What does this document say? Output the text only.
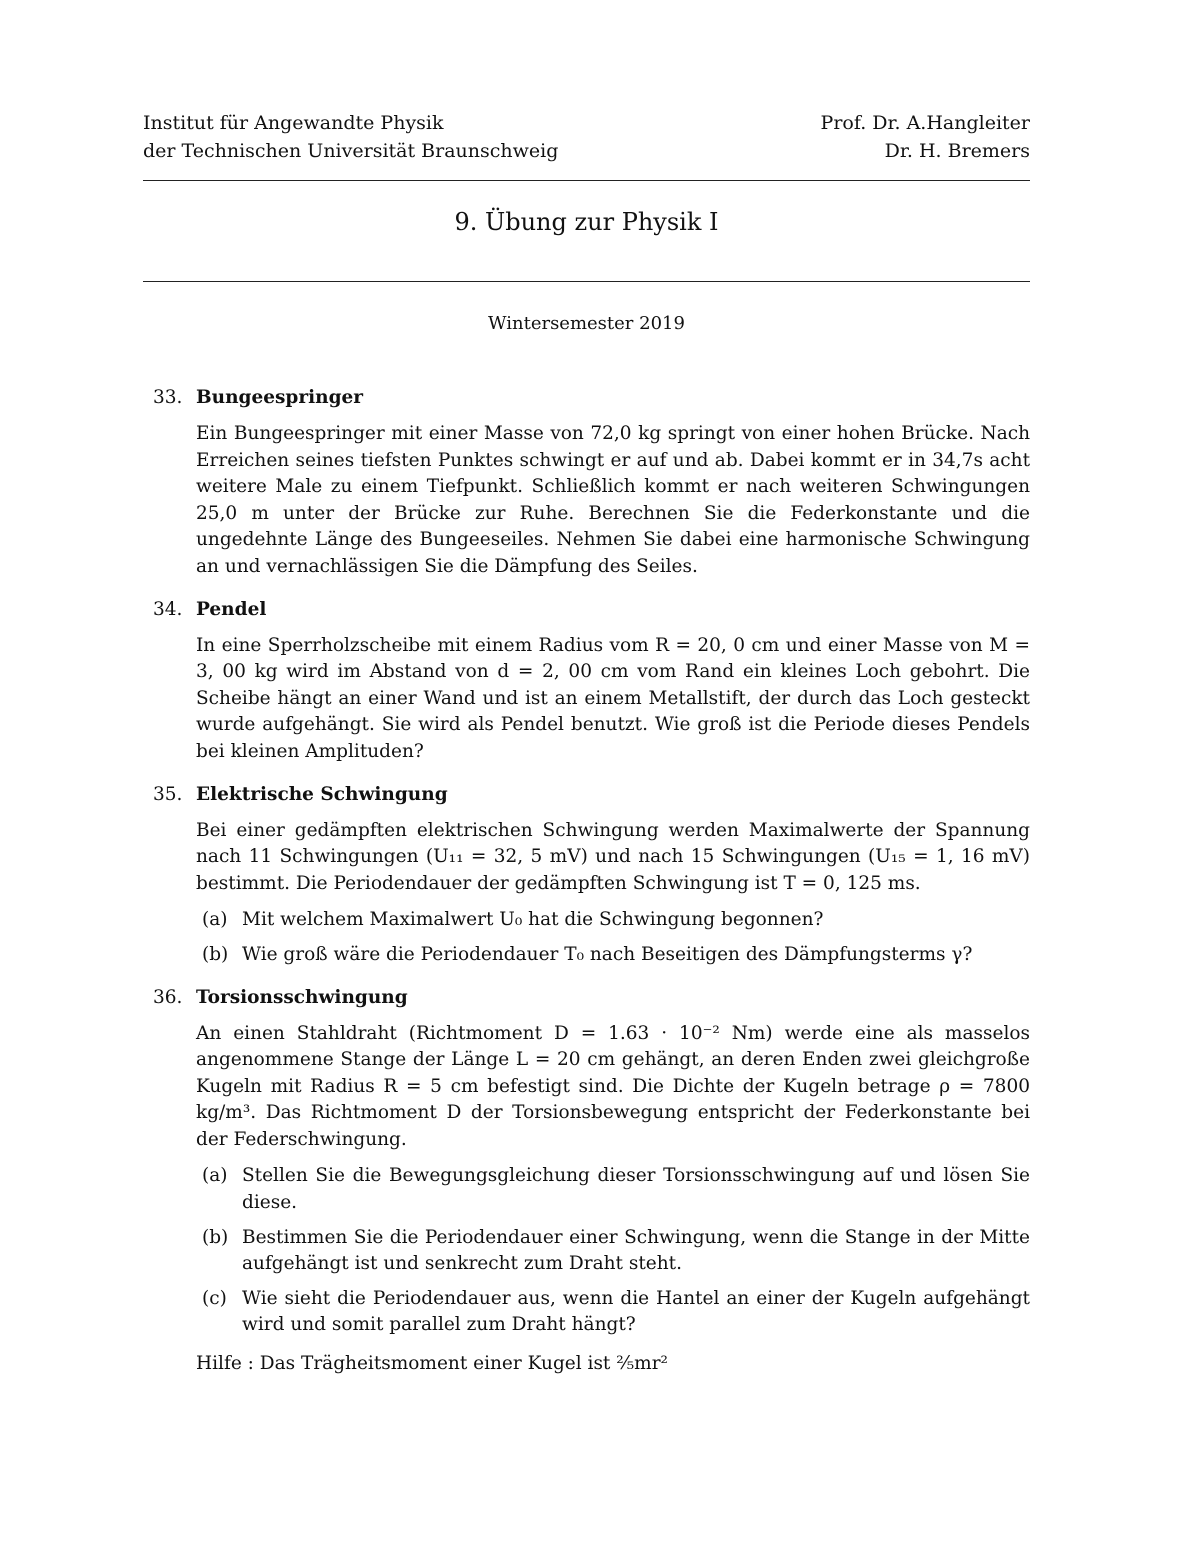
Institut für Angewandte Physik
der Technischen Universität Braunschweig
Prof. Dr. A.Hangleiter
Dr. H. Bremers
9. Übung zur Physik I
Wintersemester 2019
33. Bungeespringer
Ein Bungeespringer mit einer Masse von 72,0 kg springt von einer hohen Brücke. Nach Erreichen seines tiefsten Punktes schwingt er auf und ab. Dabei kommt er in 34,7s acht weitere Male zu einem Tiefpunkt. Schließlich kommt er nach weiteren Schwingungen 25,0 m unter der Brücke zur Ruhe. Berechnen Sie die Federkonstante und die ungedehnte Länge des Bungeeseiles. Nehmen Sie dabei eine harmonische Schwingung an und vernachlässigen Sie die Dämpfung des Seiles.
34. Pendel
In eine Sperrholzscheibe mit einem Radius vom R = 20, 0 cm und einer Masse von M = 3, 00 kg wird im Abstand von d = 2, 00 cm vom Rand ein kleines Loch gebohrt. Die Scheibe hängt an einer Wand und ist an einem Metallstift, der durch das Loch gesteckt wurde aufgehängt. Sie wird als Pendel benutzt. Wie groß ist die Periode dieses Pendels bei kleinen Amplituden?
35. Elektrische Schwingung
Bei einer gedämpften elektrischen Schwingung werden Maximalwerte der Spannung nach 11 Schwingungen (U₁₁ = 32, 5 mV) und nach 15 Schwingungen (U₁₅ = 1, 16 mV) bestimmt. Die Periodendauer der gedämpften Schwingung ist T = 0, 125 ms.
(a) Mit welchem Maximalwert U₀ hat die Schwingung begonnen?
(b) Wie groß wäre die Periodendauer T₀ nach Beseitigen des Dämpfungsterms γ?
36. Torsionsschwingung
An einen Stahldraht (Richtmoment D = 1.63 · 10⁻² Nm) werde eine als masselos angenommene Stange der Länge L = 20 cm gehängt, an deren Enden zwei gleichgroße Kugeln mit Radius R = 5 cm befestigt sind. Die Dichte der Kugeln betrage ρ = 7800 kg/m³. Das Richtmoment D der Torsionsbewegung entspricht der Federkonstante bei der Federschwingung.
(a) Stellen Sie die Bewegungsgleichung dieser Torsionsschwingung auf und lösen Sie diese.
(b) Bestimmen Sie die Periodendauer einer Schwingung, wenn die Stange in der Mitte aufgehängt ist und senkrecht zum Draht steht.
(c) Wie sieht die Periodendauer aus, wenn die Hantel an einer der Kugeln aufgehängt wird und somit parallel zum Draht hängt?
Hilfe : Das Trägheitsmoment einer Kugel ist ²⁄₅mr²
